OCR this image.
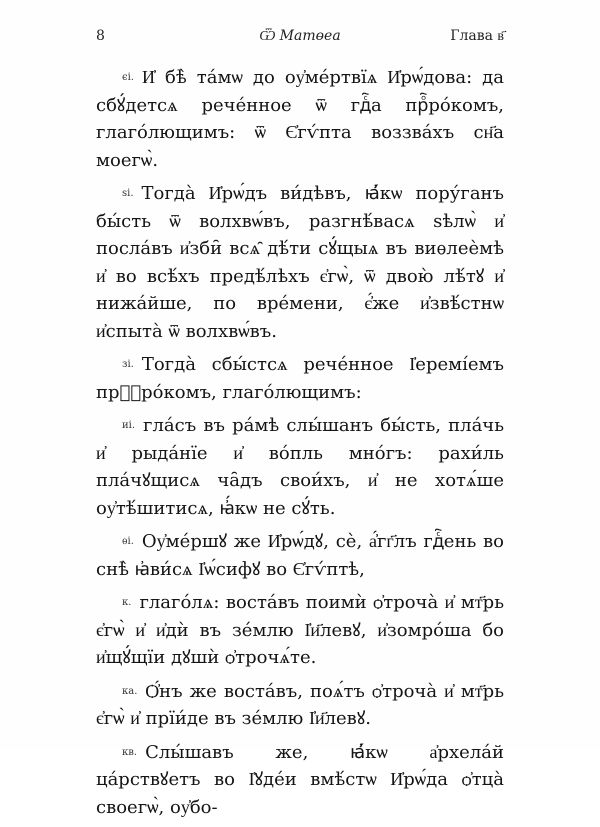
8	Ѿ Матөеа	Глава в҃

єі. И҆ бѣ̀ та́мѡ до оу҆ме́ртвїѧ И҆рѡ́дова: да сбꙋ́детсѧ рече́нное ѿ гдⷭ҇а прⷪ҇ро́комъ, глаго́лющимъ: ѿ Є҆гѵ́пта воззва́хъ сн҃а моегѡ̀.

ѕі. Тогда̀ И҆рѡ́дъ ви́дѣвъ, ꙗ҆́кѡ пору́ганъ бы́сть ѿ волхвѡ́въ, разгнѣ́васѧ ѕѣлѡ̀ и҆ посла́въ и҆зби̑ всѧ̑ дѣ́ти сꙋ́щыѧ въ виѳлеѐмѣ и҆ во всѣ́хъ предѣ́лѣхъ є҆гѡ̀, ѿ двою̀ лѣ́тꙋ и҆ нижа́йше, по вре́мени, є҆́же и҆звѣ́стнѡ и҆спыта̀ ѿ волхвѡ́въ.

зі. Тогда̀ сбы́стсѧ рече́нное І҆еремі́емъ прⷪ҇ро́комъ, глаго́лющимъ:

иі. гла́съ въ ра́мѣ слы́шанъ бы́сть, пла́чь и҆ рыда́нїе и҆ во́пль мно́гъ: рахи́ль пла́чꙋщисѧ ча̑дъ свои́хъ, и҆ не хотѧ́ше оу҆тѣ́шитисѧ, ꙗ҆́кѡ не сꙋ́ть.

ѳі. Оу҆ме́ршꙋ же И҆рѡ́дꙋ, сѐ, а҆́гг҃лъ гдⷭ҇ень во снѣ̀ ꙗ҆ви́сѧ І҆ѡ́сифꙋ во Є҆гѵ́птѣ,

к. глаго́лѧ: воста́въ поимѝ ѻ҆троча̀ и҆ мт҃рь є҆гѡ̀ и҆ и҆дѝ въ зе́млю І҆и҃левꙋ, и҆зомро́ша бо и҆щꙋ́щїи дꙋшѝ ѻ҆трочѧ́те.

ка. Ѻ҆́нъ же воста́въ, поѧ́тъ ѻ҆троча̀ и҆ мт҃рь є҆гѡ̀ и҆ прїи́де въ зе́млю І҆и҃левꙋ.

кв. Слы́шавъ же, ꙗ҆́кѡ а҆рхела́й ца́рствꙋетъ во І҆ꙋде́и вмѣ́стѡ И҆рѡ́да ѻ҆тца̀ своегѡ̀, оу҆бо-
